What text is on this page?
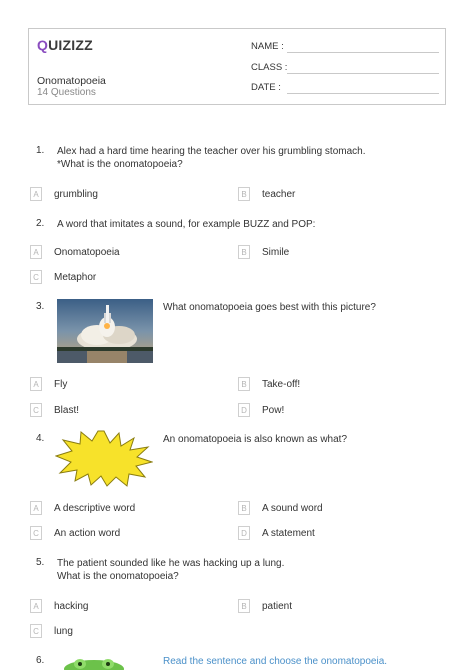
QUIZIZZ
Onomatopoeia
14 Questions
NAME :
CLASS :
DATE :
1. Alex had a hard time hearing the teacher over his grumbling stomach.
*What is the onomatopoeia?
A	grumbling	B	teacher
2. A word that imitates a sound, for example BUZZ and POP:
A	Onomatopoeia	B	Simile
C	Metaphor
3.	What onomatopoeia goes best with this picture?
A	Fly	B	Take-off!
C	Blast!	D	Pow!
4.	An onomatopoeia is also known as what?
A	A descriptive word	B	A sound word
C	An action word	D	A statement
5. The patient sounded like he was hacking up a lung.
What is the onomatopoeia?
A	hacking	B	patient
C	lung
6.	Read the sentence and choose the onomatopoeia.
